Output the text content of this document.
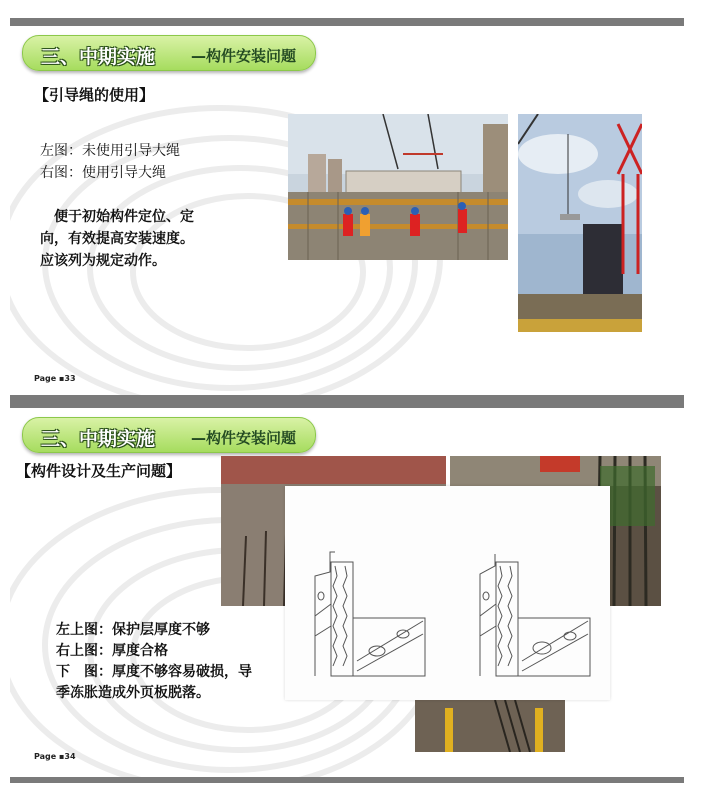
三、中期实施 —构件安装问题
【引导绳的使用】
左图：未使用引导大绳
右图：使用引导大绳
　便于初始构件定位、定
向，有效提高安装速度。
应该列为规定动作。
Page ▪33
三、中期实施 —构件安装问题
【构件设计及生产问题】
左上图：保护层厚度不够
右上图：厚度合格
下　图：厚度不够容易破损，导
季冻胀造成外页板脱落。
Page ▪34
